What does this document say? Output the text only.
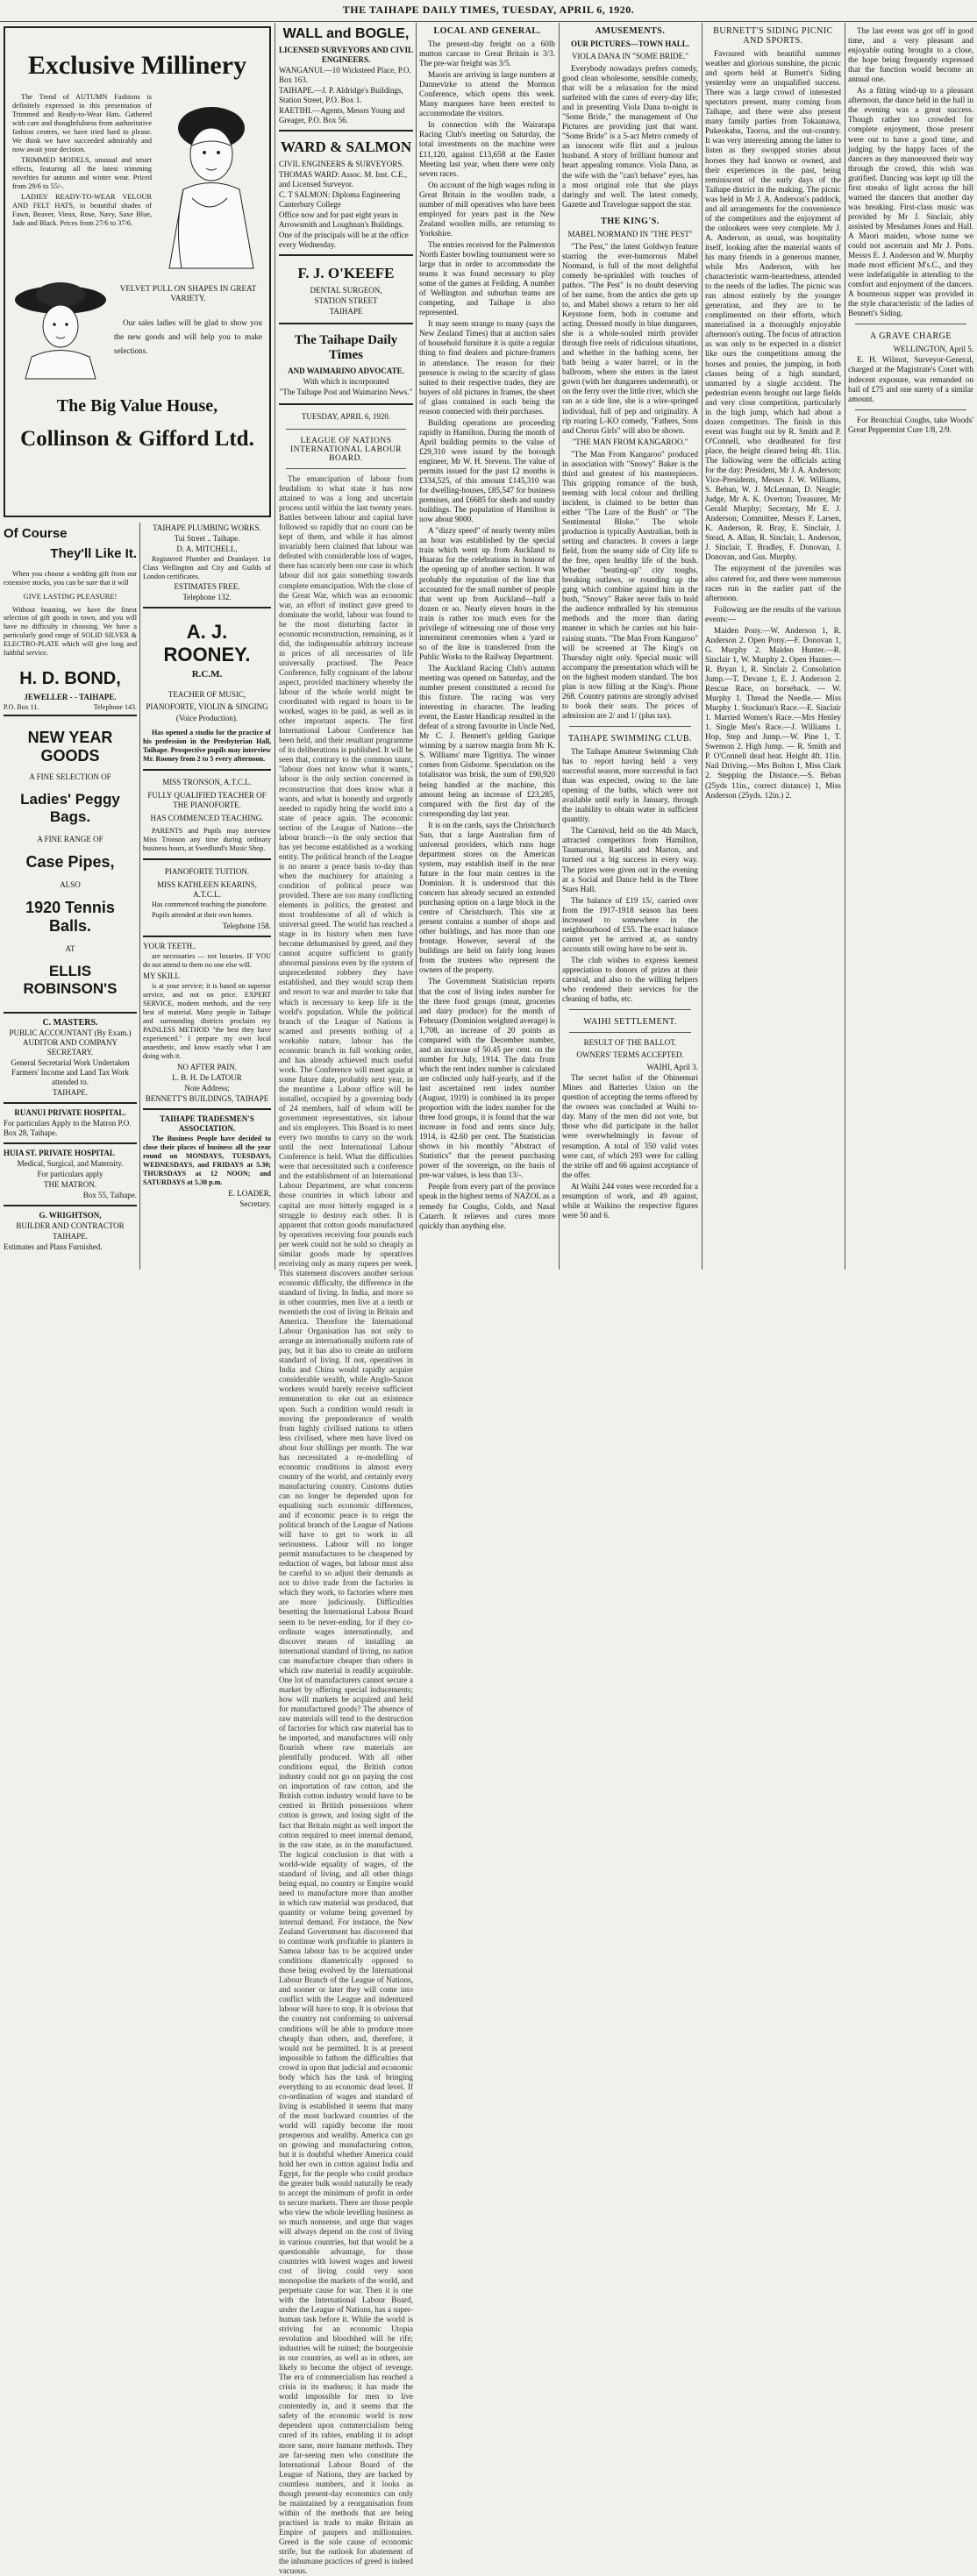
THE TAIHAPE DAILY TIMES, TUESDAY, APRIL 6, 1920.
Exclusive Millinery

The Trend of AUTUMN Fashions is definitely expressed in this presentation of Trimmed and Ready-to-Wear Hats. Gathered with care and thoughtfulness from authoritative fashion centres, we have tried hard to please. We think we have succeeded admirably and now await your decision.

TRIMMED MODELS, unusual and smart effects, featuring all the latest trimming novelties for autumn and winter wear. Priced from 29/6 to 55/-.

LADIES' READY-TO-WEAR VELOUR AND FELT HATS, in beautiful shades of Fawn, Beaver, Vieux, Rose, Navy, Saxe Blue, Jade and Black. Prices from 27/6 to 37/6.

VELVET PULL ON SHAPES IN GREAT VARIETY.

Our sales ladies will be glad to show you the new goods and will help you to make selections.

The Big Value House,
Collinson & Gifford Ltd.
Of Course
They'll Like It.

When you choose a wedding gift from our extensive stocks, you can be sure that it will

GIVE LASTING PLEASURE!

Without boasting, we have the finest selection of gift goods in town, and you will have no difficulty in choosing. We have a particularly good range of SOLID SILVER & ELECTRO-PLATE which will give long and faithful service.

H. D. BOND,
JEWELLER - - TAIHAPE.
P.O. Box 11.	Telephone 143.
NEW YEAR GOODS
A FINE SELECTION OF
Ladies' Peggy Bags.
A FINE RANGE OF
Case Pipes,
ALSO
1920 Tennis Balls.
AT
ELLIS ROBINSON'S
C. MASTERS.
PUBLIC ACCOUNTANT (By Exam.) AUDITOR AND COMPANY SECRETARY.
General Secretarial Work Undertaken Farmers' Income and Land Tax Work attended to.
TAIHAPE.
RUANUI PRIVATE HOSPITAL.
For particulars Apply to the Matron P.O. Box 28, Taihape.
HUIA ST. PRIVATE HOSPITAL
Medical, Surgical, and Maternity.
For particulars apply
THE MATRON.
Box 55, Taihape.
G. WRIGHTSON,
BUILDER AND CONTRACTOR
TAIHAPE.
Estimates and Plans Furnished.
TAIHAPE PLUMBING WORKS.
Tui Street .. Taihape.
D. A. MITCHELL,
Registered Plumber and Drainlayer. 1st Class Wellington and City and Guilds of London certificates.
ESTIMATES FREE.
Telephone 132.
A. J. ROONEY.
R.C.M.
TEACHER OF MUSIC, PIANOFORTE, VIOLIN & SINGING
(Voice Production).
Has opened a studio for the practice of his profession in the Presbyterian Hall, Taihape. Prospective pupils may interview Mr. Rooney from 2 to 5 every afternoon.
MISS TRONSON, A.T.C.L.
FULLY QUALIFIED TEACHER OF THE PIANOFORTE.
HAS COMMENCED TEACHING.
PARENTS and Pupils may interview Miss Tronson any time during ordinary business hours, at Swedlund's Music Shop.
PIANOFORTE TUITION.
MISS KATHLEEN KEARINS, A.T.C.L.
Has commenced teaching the pianoforte.
Pupils attended at their own homes.
Telephone 158.
YOUR TEETH..
are necessaries — not luxuries. IF YOU do not attend to them no one else will.
MY SKILL
is at your service; it is based on superior service, and not on price. EXPERT SERVICE, modern methods, and the very best of material. Many people in Taihape and surrounding districts proclaim my PAINLESS METHOD "the best they have experienced." I prepare my own local anaesthetic, and know exactly what I am doing with it.
NO AFTER PAIN.
L. B. H. De LATOUR
Note Address;
BENNETT'S BUILDINGS, TAIHAPE
TAIHAPE TRADESMEN'S ASSOCIATION.
The Business People have decided to close their places of business all the year round on MONDAYS, TUESDAYS, WEDNESDAYS, and FRIDAYS at 5.30; THURSDAYS at 12 NOON; and SATURDAYS at 5.30 p.m.
E. LOADER,
Secretary.
WALL and BOGLE,
LICENSED SURVEYORS AND CIVIL ENGINEERS.
WANGANUI.—10 Wicksteed Place, P.O. Box 163.
TAIHAPE.—J. P. Aldridge's Buildings, Station Street, P.O. Box 1.
RAETIHI.—Agents, Messrs Young and Greager, P.O. Box 56.
WARD & SALMON
CIVIL ENGINEERS & SURVEYORS.
THOMAS WARD: Assoc. M. Inst. C.E., and Licensed Surveyor.
C. T SALMON: Diploma Engineering Canterbury College
Office now and for past eight years in Arrowsmith and Loughnan's Buildings.
One of the principals will be at the office every Wednesday.
F. J. O'KEEFE
DENTAL SURGEON,
STATION STREET
TAIHAPE
The Taihape Daily Times
AND WAIMARINO ADVOCATE.
With which is incorporated
"The Taihape Post and Waimarino News."
TUESDAY, APRIL 6, 1920.
LEAGUE OF NATIONS INTERNATIONAL LABOUR BOARD.

The emancipation of labour from feudalism to what state it has now attained to was a long and uncertain process until within the last twenty years. Battles between labour and capital have followed so rapidly that no count can be kept of them, and while it has almost invariably been claimed that labour was defeated with considerable loss of wages, there has scarcely been one case in which labour did not gain something towards complete emancipation. With the close of the Great War, which was an economic war, an effort of instinct gave greed to dominate the world, labour was found to be the most disturbing factor in economic reconstruction, remaining, as it did, the indispensable arbitrary increase in prices of all necessaries of life universally practised. The Peace Conference, fully cognisant of the labour aspect, provided machinery whereby the labour of the whole world might be coordinated with regard to hours to be worked, wages to be paid, as well as in other important aspects. The first International Labour Conference has been held, and their resultant programme of its deliberations is published. It will be seen that, contrary to the common taunt, "labour does not know what it wants," labour is the only section concerned in reconstruction that does know what it wants, and what is honestly and urgently needed to rapidly bring the world into a state of peace again. The economic section of the League of Nations—the labour branch—is the only section that has yet become established as a working entity. The political branch of the League is no nearer a peace basis to-day than when the machinery for attaining a condition of political peace was provided. There are too many conflicting elements in politics, the greatest and most troublesome of all of which is universal greed. The world has reached a stage in its history when men have become dehumanised by greed, and they cannot acquire sufficient to gratify abnormal passions even by the system of unprecedented robbery they have established, and they would scrap them and resort to war and murder to take that which is necessary to keep life in the world's population. While the political branch of the League of Nations is scamed and presents nothing of a workable nature, labour has the economic branch in full working order, and has already achieved much useful work. The Conference will meet again at some future date, probably next year, in the meantime a Labour office will be installed, occupied by a governing body of 24 members, half of whom will be government representatives, six labour and six employers. This Board is to meet every two months to carry on the work until the next International Labour Conference is held. What the difficulties were that necessitated such a conference and the establishment of an International Labour Department, are what concerns those countries in which labour and capital are most bitterly engaged in a struggle to destroy each other. It is apparent that cotton goods manufactured by operatives receiving four pounds each per week could not be sold so cheaply as similar goods made by operatives receiving only as many rupees per week. This statement discovers another serious economic difficulty, the difference in the standard of living. In India, and more so in other countries, men live at a tenth or twentieth the cost of living in Britain and America. Therefore the International Labour Organisation has not only to arrange an internationally uniform rate of pay, but it has also to create an uniform standard of living. If not, operatives in India and China would rapidly acquire considerable wealth, while Anglo-Saxon workers would barely receive sufficient remuneration to eke out an existence upon. Such a condition would result in moving the preponderance of wealth from highly civilised nations to others less civilised, where men have lived on about four shillings per month. The war has necessitated a re-modelling of economic conditions in almost every country of the world, and certainly every manufacturing country. Customs duties can no longer be depended upon for equalising such economic differences, and if economic peace is to reign the political branch of the League of Nations will have to get to work in all seriousness. Labour will no longer permit manufactures to be cheapened by reduction of wages, but labour must also be careful to so adjust their demands as not to drive trade from the factories in which they work, to factories where men are more judiciously. Difficulties besetting the International Labour Board seem to be never-ending, for if they co-ordinate wages internationally, and discover means of installing an international standard of living, no nation can manufacture cheaper than others in which raw material is readily acquirable. One lot of manufacturers cannot secure a market by offering special inducements; how will markets be acquired and held for manufactured goods? The absence of raw materials will tend to the destruction of factories for which raw material has to be imported, and manufactures will only flourish where raw materials are plentifully produced. With all other conditions equal, the British cotton industry could not go on paying the cost on importation of raw cotton, and the British cotton industry would have to be centred in British possessions where cotton is grown, and losing sight of the fact that Britain might as well import the cotton required to meet internal demand, in the raw state, as in the manufactured. The logical conclusion is that with a world-wide equality of wages, of the standard of living, and all other things being equal, no country or Empire would need to manufacture more than another in which raw material was produced, that quantity or volume being governed by internal demand. For instance, the New Zealand Government has discovered that to continue work profitable to planters in Samoa labour has to be acquired under conditions diametrically opposed to those being evolved by the International Labour Branch of the League of Nations, and sooner or later they will come into conflict with the League and indentured labour will have to stop. It is obvious that the country not conforming to universal conditions will be able to produce more cheaply than others, and, therefore, it would not be permitted. It is at present impossible to fathom the difficulties that crowd in upon that judicial and economic body which has the task of bringing everything to an economic dead level. If co-ordination of wages and standard of living is established it seems that many of the most backward countries of the world will rapidly become the most prosperous and wealthy. America can go on growing and manufacturing cotton, but it is doubtful whether America could hold her own in cotton against India and Egypt, for the people who could produce the greater bulk would naturally be ready to accept the minimum of profit in order to secure markets. There are those people who view the whole levelling business as so much nonsense, and urge that wages will always depend on the cost of living in various countries, but that would be a questionable advantage, for those countries with lowest wages and lowest cost of living could very soon monopolise the markets of the world, and perpetuate cause for war. Then it is one with the International Labour Board, under the League of Nations, has a super-human task before it. While the world is striving for an economic Utopia revolution and bloodshed will be rife; industries will be ruined; the bourgeoisie in our countries, as well as in others, are likely to become the object of revenge. The era of commercialism has reached a crisis in its madness; it has made the world impossible for men to live contentedly in, and it seems that the safety of the economic world is now dependent upon commercialism being cured of its rabies, enabling it to adopt more sane, more humane methods. They are far-seeing men who constitute the International Labour Board of the League of Nations, they are backed by countless numbers, and it looks as though present-day economics can only be maintained by a reorganisation from within of the methods that are being practised in trade to make Britain an Empire of paupers and millionaires. Greed is the sole cause of economic strife, but the outlook for abatement of the inhumane practices of greed is indeed vacuous.

LOCAL AND GENERAL.

The present-day freight on a 60lb mutton carcase to Great Britain is 3/3. The pre-war freight was 3/5.

Maoris are arriving in large numbers at Dannevirke to attend the Mormon Conference, which opens this week. Many marquees have been erected to accommodate the visitors.

In connection with the Wairarapa Racing Club's meeting on Saturday, the total investments on the machine were £11,120, against £13,658 at the Easter Meeting last year, when there were only seven races.

On account of the high wages ruling in Great Britain in the woollen trade, a number of mill operatives who have been employed for years past in the New Zealand woollen mills, are returning to Yorkshire.

The entries received for the Palmerston North Easter bowling tournament were so large that in order to accommodate the teams it was found necessary to play some of the games at Feilding. A number of Wellington and suburban teams are competing, and Taihape is also represented.

It may seem strange to many (says the New Zealand Times) that at auction sales of household furniture it is quite a regular thing to find dealers and picture-framers in attendance. The reason for their presence is owing to the scarcity of glass suited to their respective trades, they are buyers of old pictures in frames, the sheet of glass contained in each being the reason connected with their purchases.

Building operations are proceeding rapidly in Hamilton. During the month of April building permits to the value of £29,310 were issued by the borough engineer, Mr W. H. Stevens. The value of permits issued for the past 12 months is £334,525, of this amount £145,310 was for dwelling-houses, £85,547 for business premises, and £6685 for sheds and sundry buildings. The population of Hamilton is now about 9000.

A "dizzy speed" of nearly twenty miles an hour was established by the special train which went up from Auckland to Huarau for the celebrations in honour of the opening up of another section. It was probably the reputation of the line that accounted for the small number of people that went up from Auckland—half a dozen or so. Nearly eleven hours in the train is rather too much even for the privilege of witnessing one of those very intermittent ceremonies when a 'yard or so of the line is transferred from the Public Works to the Railway Department.

The Auckland Racing Club's autumn meeting was opened on Saturday, and the number present constituted a record for this fixture. The racing was very interesting in character. The leading event, the Easter Handicap resulted in the defeat of a strong favourite in Uncle Ned, Mr C. J. Bennett's gelding Gazique winning by a narrow margin from Mr K. S. Williams' mare Tigritiya. The winner comes from Gisborne. Speculation on the totalisator was brisk, the sum of £90,920 being handled at the machine, this amount being an increase of £23,285, compared with the first day of the corresponding day last year.

It is on the cards, says the Christchurch Sun, that a large Australian firm of universal providers, which runs huge department stores on the American system, may establish itself in the near future in the four main centres in the Dominion. It is understood that this concern has already secured an extended purchasing option on a large block in the centre of Christchurch. This site at present contains a number of shops and other buildings, and has more than one frontage. However, several of the buildings are held on fairly long leases from the trustees who represent the owners of the property.

The Government Statistician reports that the cost of living index number for the three food groups (meat, groceries and dairy produce) for the month of February (Dominion weighted average) is 1,708, an increase of 20 points as compared with the December number, and an increase of 50.45 per cent. on the number for July, 1914. The data from which the rent index number is calculated are collected only half-yearly, and if the last ascertained rent index number (August, 1919) is combined in its proper proportion with the index number for the three food groups, it is found that the war increase in food and rents since July, 1914, is 42.60 per cent. The Statistician shows in his monthly "Abstract of Statistics" that the present purchasing power of the sovereign, on the basis of pre-war values, is less than 13/-.

People from every part of the province speak in the highest terms of NAZOL as a remedy for Coughs, Colds, and Nasal Catarrh. It relieves and cures more quickly than anything else.

AMUSEMENTS.
OUR PICTURES—TOWN HALL.
VIOLA DANA IN "SOME BRIDE."

Everybody nowadays prefers comedy, good clean wholesome, sensible comedy, that will be a relaxation for the mind surfeited with the cares of every-day life; and in presenting Viola Dana to-night in "Some Bride," the management of Our Pictures are providing just that want. "Some Bride" is a 5-act Metro comedy of an innocent wife flirt and a jealous husband. A story of brilliant humour and heart appealing romance. Viola Dana, as the wife with the "can't behave" eyes, has a most original role that she plays daringly and well. The latest comedy, Gazette and Travelogue support the star.

THE KING'S.
MABEL NORMAND IN "THE PEST"

"The Pest," the latest Goldwyn feature starring the ever-humorous Mabel Normand, is full of the most delightful comedy be-sprinkled with touches of pathos. "The Pest" is no doubt deserving of her name, from the antics she gets up to, and Mabel shows a return to her old Keystone form, both in costume and acting. Dressed mostly in blue dungarees, she is a whole-souled mirth provider through five reels of ridiculous situations, and whether in the bathing scene, her bath being a water barrel, or in the ballroom, where she enters in the latest gown (with her dungarees underneath), or on the ferry over the little river, which she ran as a side line, she is a wire-springed individual, full of pep and originality. A rip roaring L-KO comedy, "Fathers, Sons and Chorus Girls" will also be shown.

"THE MAN FROM KANGAROO."

"The Man From Kangaroo" produced in association with "Snowy" Baker is the third and greatest of his masterpieces. This gripping romance of the bush, teeming with local colour and thrilling incident, is claimed to be better than either "The Lure of the Bush" or "The Sentimental Bloke." The whole production is typically Australian, both in setting and characters. It covers a large field, from the seamy side of City life to the free, open healthy life of the bush. Whether "beating-up" city toughs, breaking outlaws, or rounding up the gang which combine against him in the bush, "Snowy" Baker never fails to hold the audience enthralled by his strenuous methods and the more than daring manner in which he carries out his hair-raising stunts. "The Man From Kangaroo" will be screened at The King's on Thursday night only. Special music will accompany the presentation which will be on the highest modern standard. The box plan is now filling at the King's. Phone 268. Country patrons are strongly advised to book their seats. The prices of admission are 2/ and 1/ (plus tax).

TAIHAPE SWIMMING CLUB.

The Taihape Amateur Swimming Club has to report having held a very successful season, more successful in fact than was expected, owing to the late opening of the baths, which were not available until early in January, through the inability to obtain water in sufficient quantity.

The Carnival, held on the 4th March, attracted competitors from Hamilton, Taumarunui, Raetihi and Marton, and turned out a big success in every way. The prizes were given out in the evening at a Social and Dance held in the Three Stars Hall.

The balance of £19 15/, carried over from the 1917-1918 season has been increased to somewhere in the neighbourhood of £55. The exact balance cannot yet be arrived at, as sundry accounts still owing have to be sent in.

The club wishes to express keenest appreciation to donors of prizes at their carnival, and also to the willing helpers who rendered their services for the cleaning of baths, etc.

WAIHI SETTLEMENT.
RESULT OF THE BALLOT.
OWNERS' TERMS ACCEPTED.
WAIHI, April 3.

The secret ballot of the Ohinemuri Mines and Batteries Union on the question of accepting the terms offered by the owners was concluded at Waihi to-day. Many of the men did not vote, but those who did participate in the ballot were overwhelmingly in favour of resumption. A total of 350 valid votes were cast, of which 293 were for calling the strike off and 66 against acceptance of the offer.

At Waihi 244 votes were recorded for a resumption of work, and 49 against, while at Waikino the respective figures were 50 and 6.

BURNETT'S SIDING PICNIC AND SPORTS.

Favoured with beautiful summer weather and glorious sunshine, the picnic and sports held at Burnett's Siding yesterday were an unqualified success. There was a large crowd of interested spectators present, many coming from Taihape, and there were also present many family parties from Tokaanawa, Pukeokahu, Taoroa, and the out-country. It was very interesting among the latter to listen as they swopped stories about horses they had known or owned, and their experiences in the past, being reminiscent of the early days of the Taihape district in the making. The picnic was held in Mr J. A. Anderson's paddock, and all arrangements for the convenience of the competitors and the enjoyment of the onlookers were very complete. Mr J. A. Anderson, as usual, was hospitality itself, looking after the material wants of his many friends in a generous manner, while Mrs Anderson, with her characteristic warm-heartedness, attended to the needs of the ladies. The picnic was run almost entirely by the younger generation, and they are to be complimented on their efforts, which materialised in a thoroughly enjoyable afternoon's outing. The focus of attraction as was only to be expected in a district like ours the competitions among the horses and ponies, the jumping, in both classes being of a high standard, unmarred by a single accident. The pedestrian events brought out large fields and very close competition, particularly in the high jump, which had about a dozen competitors. The finish in this event was fought out by R. Smith and P. O'Connell, who deadheated for first place, the height cleared being 4ft. 11in. The following were the officials acting for the day: President, Mr J. A. Anderson; Vice-Presidents, Messrs J. W. Williams, S. Beban, W. J. McLennan, D. Neagle; Judge, Mr A. K. Overton; Treasurer, Mr Gerald Murphy; Secretary, Mr E. J. Anderson; Committee, Messrs F. Larsen, K. Anderson, R. Bray, E. Sinclair, J. Stead, A. Allan, R. Sinclair, L. Anderson, J. Sinclair, T. Bradley, F. Donovan, J. Donovan, and Gus. Murphy.

The enjoyment of the juveniles was also catered for, and there were numerous races run in the earlier part of the afternoon.

Following are the results of the various events:—

Maiden Pony.—W. Anderson 1, R. Anderson 2. Open Pony.—F. Donovan 1, G. Murphy 2. Maiden Hunter.—R. Sinclair 1, W. Murphy 2. Open Hunter.—R. Bryan 1, R. Sinclair 2. Consolation Jump.—T. Devane 1, E. J. Anderson 2. Rescue Race, on horseback. — W. Murphy 1. Thread the Needle.— Miss Murphy 1. Stockman's Race.—E. Sinclair 1. Married Women's Race.—Mrs Henley 1. Single Men's Race.—J. Williams 1. Hop, Step and Jump.—W. Pine 1, T. Swenson 2. High Jump. — R. Smith and P. O'Connell dead heat. Height 4ft. 11in. Nail Driving.—Mrs Bolton 1, Miss Clark 2. Stepping the Distance.—S. Beban (25yds 11in., correct distance) 1, Miss Anderson (25yds. 12in.) 2.

The last event was got off in good time, and a very pleasant and enjoyable outing brought to a close, the hope being frequently expressed that the function would become an annual one.

As a fitting wind-up to a pleasant afternoon, the dance held in the hall in the evening was a great success. Though rather too crowded for complete enjoyment, those present were out to have a good time, and judging by the happy faces of the dancers as they manoeuvred their way through the crowd, this wish was gratified. Dancing was kept up till the first streaks of light across the hill warned the dancers that another day was breaking. First-class music was provided by Mr J. Sinclair, ably assisted by Mesdames Jones and Hall. A Maori maiden, whose name we could not ascertain and Mr J. Potts. Messrs E. J. Anderson and W. Murphy made most efficient M's.C., and they were indefatigable in attending to the comfort and enjoyment of the dancers. A bounteous supper was provided in the style characteristic of the ladies of Bennett's Siding.

A GRAVE CHARGE
WELLINGTON, April 5.

E. H. Wilmot, Surveyor-General, charged at the Magistrate's Court with indecent exposure, was remanded on bail of £75 and one surety of a similar amount.

For Bronchial Coughs, take Woods' Great Peppermint Cure 1/8, 2/9.
